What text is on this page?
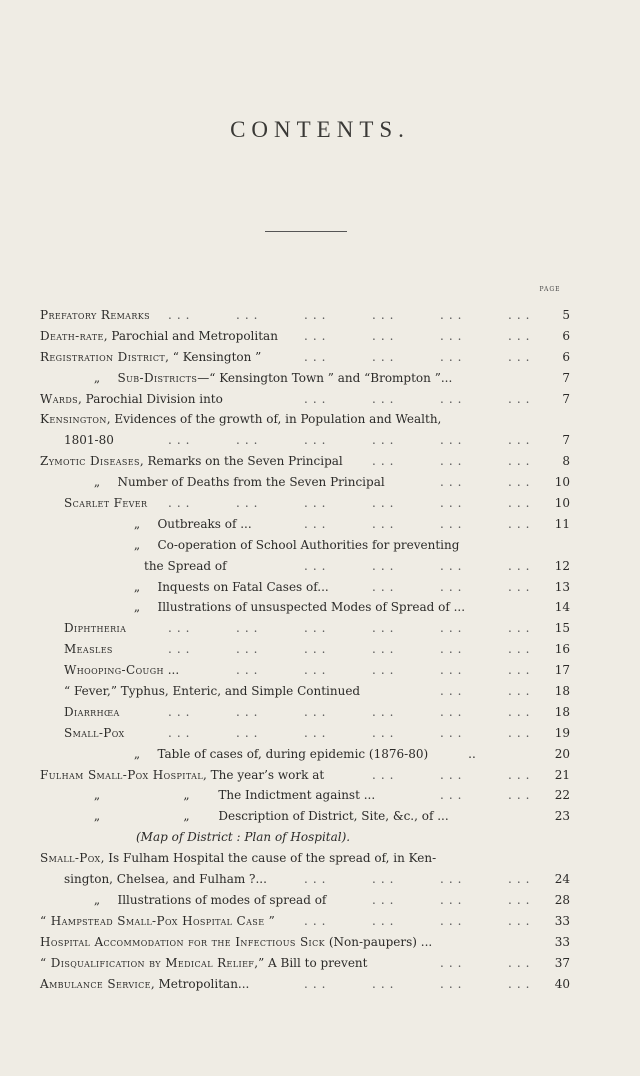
CONTENTS.
page
Prefatory Remarks	5
...	...	...	...	...	...
Death-rate, Parochial and Metropolitan	6
...	...	...	...
Registration District, “ Kensington ”	6
...	...	...	...
„ Sub-Districts—“ Kensington Town ” and “Brompton ”...	7
Wards, Parochial Division into	7
...	...	...	...
Kensington, Evidences of the growth of, in Population and Wealth,
1801-80	7
...	...	...	...	...	...
Zymotic Diseases, Remarks on the Seven Principal	8
...	...	...
„ Number of Deaths from the Seven Principal	10
...	...
Scarlet Fever	10
...	...	...	...	...	...
„ Outbreaks of ...	11
...	...	...	...
„ Co-operation of School Authorities for preventing
the Spread of	12
...	...	...	...
„ Inquests on Fatal Cases of...	13
...	...	...
„ Illustrations of unsuspected Modes of Spread of ...	14
Diphtheria	15
...	...	...	...	...	...
Measles	16
...	...	...	...	...	...
Whooping-Cough ...	17
...	...	...	...	...
“ Fever,” Typhus, Enteric, and Simple Continued	18
...	...
Diarrhœa	18
...	...	...	...	...	...
Small-Pox	19
...	...	...	...	...	...
„ Table of cases of, during epidemic (1876-80)	..	20
Fulham Small-Pox Hospital, The year’s work at	21
...	...	...
„	„ The Indictment against ...	22
...	...
„	„ Description of District, Site, &c., of ...	23
(Map of District : Plan of Hospital).
Small-Pox, Is Fulham Hospital the cause of the spread of, in Ken-
sington, Chelsea, and Fulham ?...	24
...	...	...	...
„ Illustrations of modes of spread of	28
...	...	...
“ Hampstead Small-Pox Hospital Case ”	33
...	...	...	...
Hospital Accommodation for the Infectious Sick (Non-paupers) ...	33
“ Disqualification by Medical Relief,” A Bill to prevent	37
...	...
Ambulance Service, Metropolitan...	40
...	...	...	...
